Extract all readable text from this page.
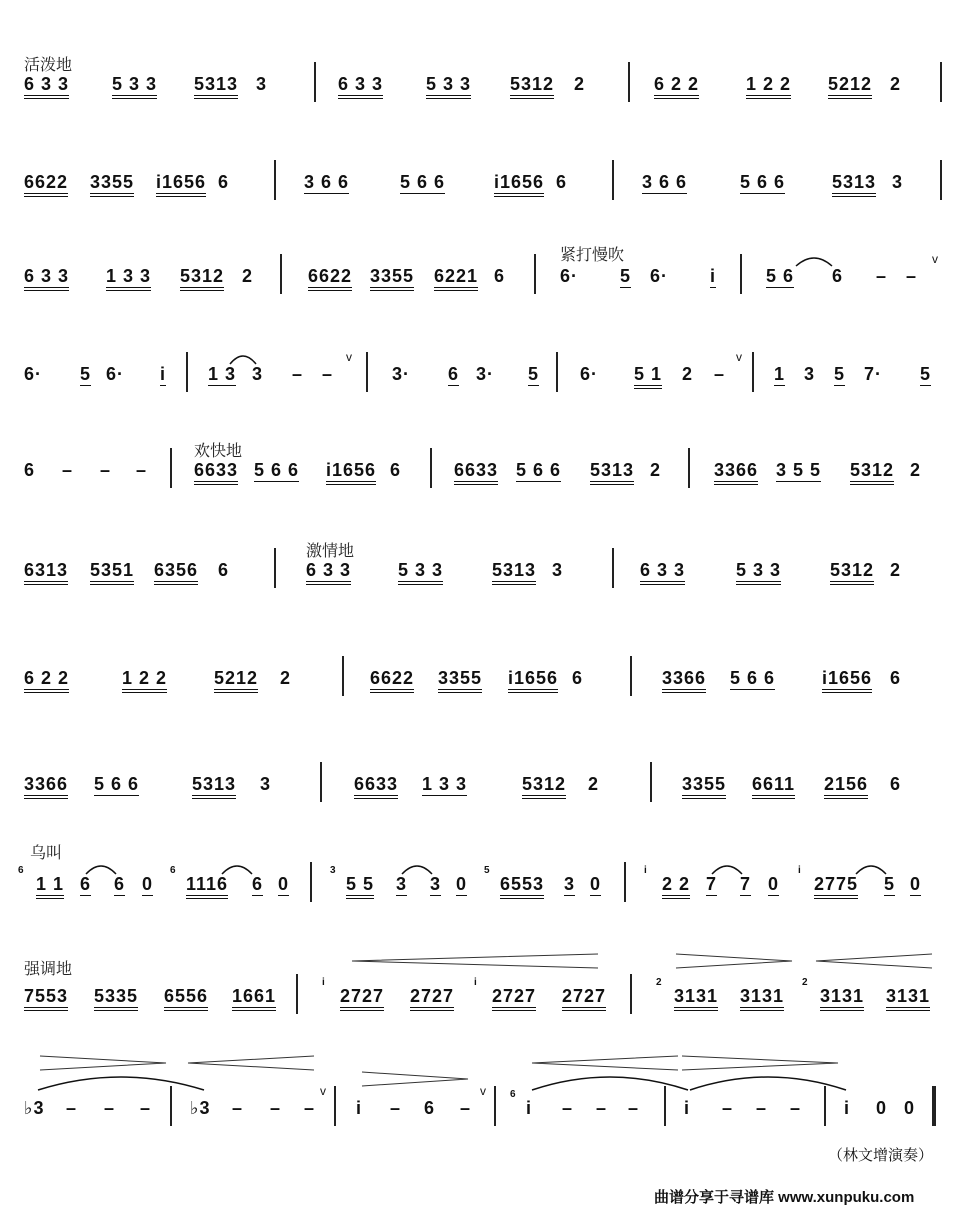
活泼地
6 3 3 5 3 3 5313 3	6 3 3 5 3 3 5312 2	6 2 2	1 2 2 5212 2
6622 3355 i1656 6	3 6 6	5 6 6	i1656 6	3 6 6	5 6 6	5313 3
紧打慢吹
6 3 3 1 3 3 5312 2	6622 3355 6221 6	6· 5 6· i	5 6 6 – –
v
6· 5 6· i 1 3 3 – –
v
3· 6 3· 5 6· 5 1 2 –
v
1 3 5 7· 5
欢快地
6 – – –	6633 5 6 6 i1656 6	6633 5 6 6 5313 2	3366 3 5 5 5312 2
激情地
6313 5351 6356 6	6 3 3	5 3 3	5313 3	6 3 3	5 3 3	5312 2
6 2 2	1 2 2	5212 2	6622 3355 i1656 6	3366 5 6 6	i1656 6
3366 5 6 6	5313 3	6633 1 3 3	5312 2	3355 6611 2156 6
乌叫
6
1 1 6 6 0
6
1116 6 0
3
5 5 3 3 0
5
6553 3 0
i
2 2 7 7 0
i
2775 5 0
强调地
7553 5335 6556 1661
i
2727 2727
i
2727 2727
2
3131 3131
2
3131 3131
♭3 – – – ♭3 – – –
v
i – 6 –
v 6
i – – – i – – – i 0 0
（林文增演奏）
曲谱分享于寻谱库 www.xunpuku.com
